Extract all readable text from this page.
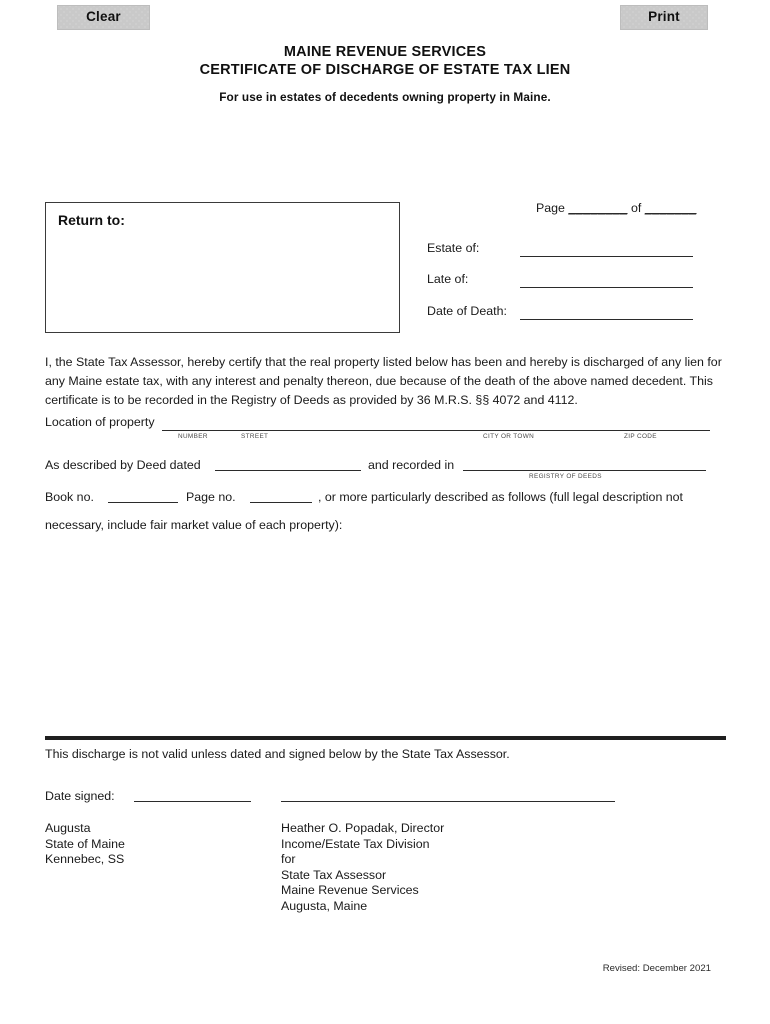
Clear	Print
MAINE REVENUE SERVICES
CERTIFICATE OF DISCHARGE OF ESTATE TAX LIEN
For use in estates of decedents owning property in Maine.
Return to:
Page ________ of _______
Estate of:
Late of:
Date of Death:
I, the State Tax Assessor, hereby certify that the real property listed below has been and hereby is discharged of any lien for any Maine estate tax, with any interest and penalty thereon, due because of the death of the above named decedent. This certificate is to be recorded in the Registry of Deeds as provided by 36 M.R.S. §§ 4072 and 4112.
Location of property
NUMBER	STREET	CITY OR TOWN	ZIP CODE
As described by Deed dated	and recorded in
REGISTRY OF DEEDS
Book no.	Page no.	, or more particularly described as follows (full legal description not
necessary, include fair market value of each property):
This discharge is not valid unless dated and signed below by the State Tax Assessor.
Date signed:
Augusta
State of Maine
Kennebec, SS
Heather O. Popadak, Director
Income/Estate Tax Division
for
State Tax Assessor
Maine Revenue Services
Augusta, Maine
Revised: December 2021
